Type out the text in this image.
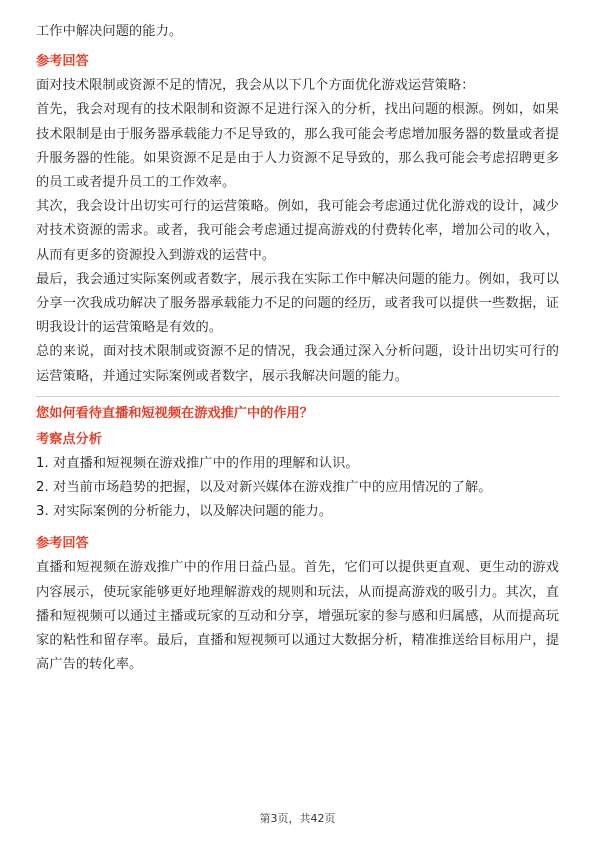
工作中解决问题的能力。

参考回答

面对技术限制或资源不足的情况，我会从以下几个方面优化游戏运营策略：

首先，我会对现有的技术限制和资源不足进行深入的分析，找出问题的根源。例如，如果技术限制是由于服务器承载能力不足导致的，那么我可能会考虑增加服务器的数量或者提升服务器的性能。如果资源不足是由于人力资源不足导致的，那么我可能会考虑招聘更多的员工或者提升员工的工作效率。

其次，我会设计出切实可行的运营策略。例如，我可能会考虑通过优化游戏的设计，减少对技术资源的需求。或者，我可能会考虑通过提高游戏的付费转化率，增加公司的收入，从而有更多的资源投入到游戏的运营中。

最后，我会通过实际案例或者数字，展示我在实际工作中解决问题的能力。例如，我可以分享一次我成功解决了服务器承载能力不足的问题的经历，或者我可以提供一些数据，证明我设计的运营策略是有效的。

总的来说，面对技术限制或资源不足的情况，我会通过深入分析问题，设计出切实可行的运营策略，并通过实际案例或者数字，展示我解决问题的能力。

您如何看待直播和短视频在游戏推广中的作用？

考察点分析

1. 对直播和短视频在游戏推广中的作用的理解和认识。

2. 对当前市场趋势的把握，以及对新兴媒体在游戏推广中的应用情况的了解。

3. 对实际案例的分析能力，以及解决问题的能力。

参考回答

直播和短视频在游戏推广中的作用日益凸显。首先，它们可以提供更直观、更生动的游戏内容展示，使玩家能够更好地理解游戏的规则和玩法，从而提高游戏的吸引力。其次，直播和短视频可以通过主播或玩家的互动和分享，增强玩家的参与感和归属感，从而提高玩家的粘性和留存率。最后，直播和短视频可以通过大数据分析，精准推送给目标用户，提高广告的转化率。

第3页，共42页
